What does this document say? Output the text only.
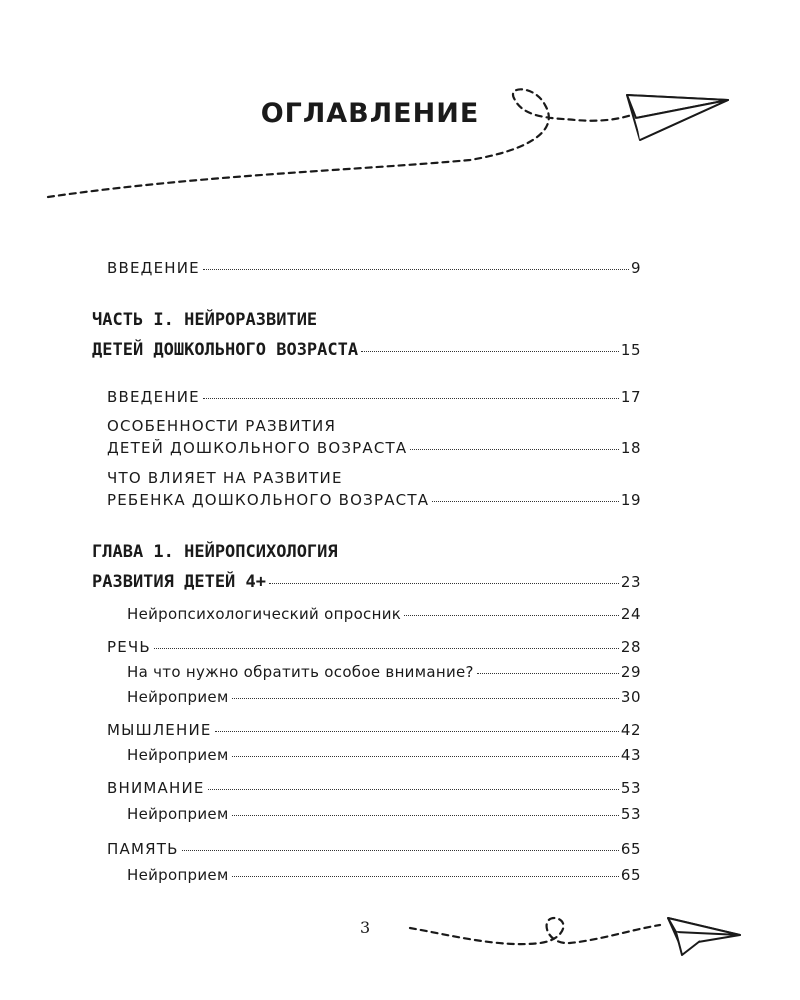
ОГЛАВЛЕНИЕ
ВВЕДЕНИЕ	9
ЧАСТЬ I. НЕЙРОРАЗВИТИЕ
ДЕТЕЙ ДОШКОЛЬНОГО ВОЗРАСТА	15
ВВЕДЕНИЕ	17
ОСОБЕННОСТИ РАЗВИТИЯ
ДЕТЕЙ ДОШКОЛЬНОГО ВОЗРАСТА	18
ЧТО ВЛИЯЕТ НА РАЗВИТИЕ
РЕБЕНКА ДОШКОЛЬНОГО ВОЗРАСТА	19
ГЛАВА 1. НЕЙРОПСИХОЛОГИЯ
РАЗВИТИЯ ДЕТЕЙ 4+	23
Нейропсихологический опросник	24
РЕЧЬ	28
На что нужно обратить особое внимание?	29
Нейроприем	30
МЫШЛЕНИЕ	42
Нейроприем	43
ВНИМАНИЕ	53
Нейроприем	53
ПАМЯТЬ	65
Нейроприем	65
3
